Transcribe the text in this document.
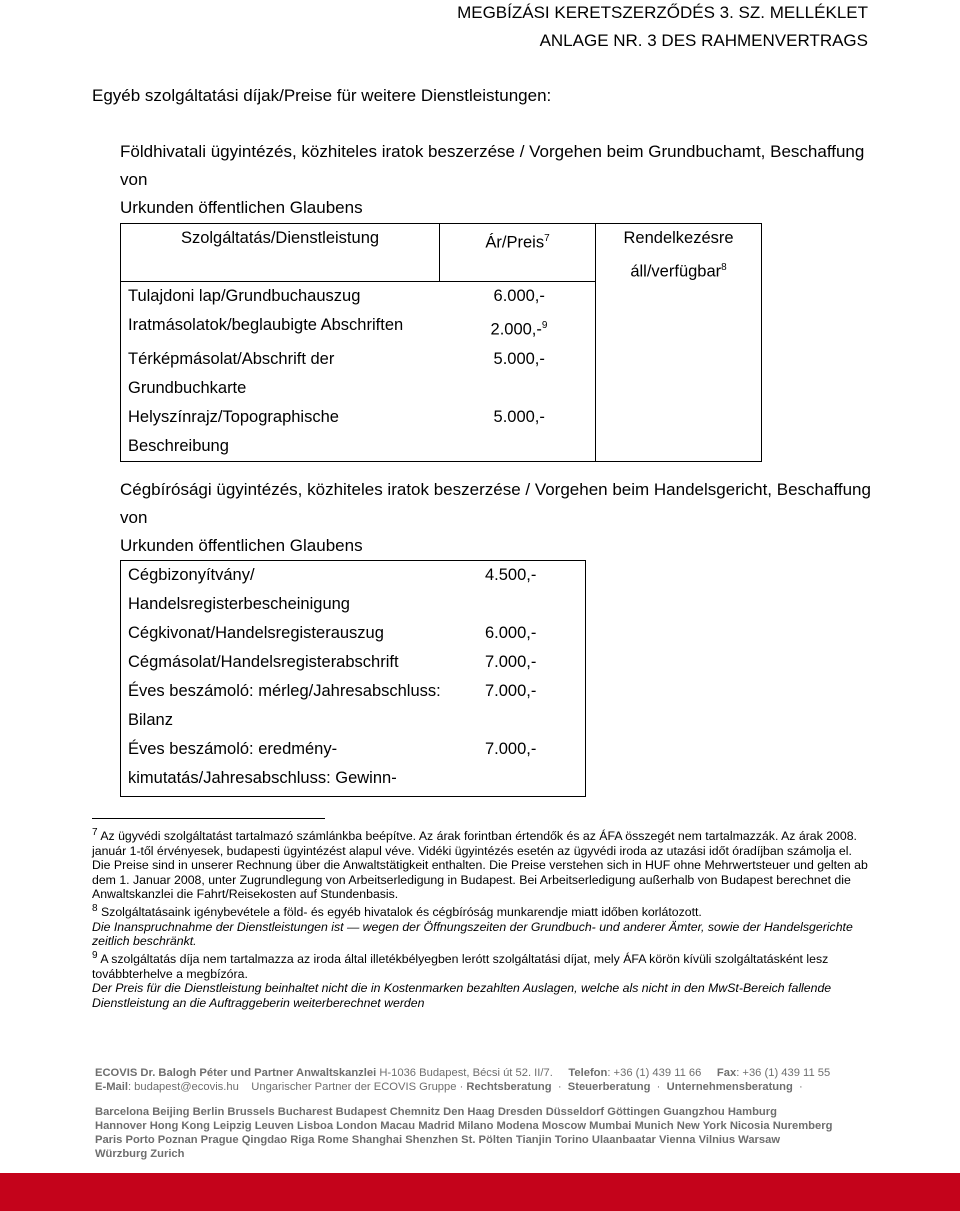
MEGBÍZÁSI KERETSZERZŐDÉS 3. SZ. MELLÉKLET
ANLAGE NR. 3 DES RAHMENVERTRAGS
Egyéb szolgáltatási díjak/Preise für weitere Dienstleistungen:
Földhivatali ügyintézés, közhiteles iratok beszerzése / Vorgehen beim Grundbuchamt, Beschaffung von
Urkunden öffentlichen Glaubens
Szolgáltatás/Dienstleistung	Ár/Preis$^7$	Rendelkezésre
áll/verfügbar$^8$

Tulajdoni lap/Grundbuchauszug	6.000,-	

Iratmásolatok/beglaubigte Abschriften	2.000,-$^9$

Térképmásolat/Abschrift der
Grundbuchkarte	5.000,-	

Helyszínrajz/Topographische
Beschreibung	5.000,-	
Cégbírósági ügyintézés, közhiteles iratok beszerzése / Vorgehen beim Handelsgericht, Beschaffung von
Urkunden öffentlichen Glaubens
Cégbizonyítvány/
Handelsregisterbescheinigung	4.500,-

Cégkivonat/Handelsregisterauszug	6.000,-

Cégmásolat/Handelsregisterabschrift	7.000,-

Éves beszámoló: mérleg/Jahresabschluss:
Bilanz	7.000,-

Éves beszámoló: eredmény-
kimutatás/Jahresabschluss: Gewinn-	7.000,-

$^7$ Az ügyvédi szolgáltatást tartalmazó számlánkba beépítve. Az árak forintban értendők és az ÁFA összegét nem tartalmazzák. Az árak 2008. január 1-től érvényesek, budapesti ügyintézést alapul véve. Vidéki ügyintézés esetén az ügyvédi iroda az utazási időt óradíjban számolja el.

Die Preise sind in unserer Rechnung über die Anwaltstätigkeit enthalten. Die Preise verstehen sich in HUF ohne Mehrwertsteuer und gelten ab dem 1. Januar 2008, unter Zugrundlegung von Arbeitserledigung in Budapest. Bei Arbeitserledigung außerhalb von Budapest berechnet die Anwaltskanzlei die Fahrt/Reisekosten auf Stundenbasis.

$^8$ Szolgáltatásaink igénybevétele a föld- és egyéb hivatalok és cégbíróság munkarendje miatt időben korlátozott.

Die Inanspruchnahme der Dienstleistungen ist — wegen der Öffnungszeiten der Grundbuch- und anderer Ämter, sowie der Handelsgerichte zeitlich beschränkt.

$^9$ A szolgáltatás díja nem tartalmazza az iroda által illetékbélyegben lerótt szolgáltatási díjat, mely ÁFA körön kívüli szolgáltatásként lesz továbbterhelve a megbízóra.

Der Preis für die Dienstleistung beinhaltet nicht die in Kostenmarken bezahlten Auslagen, welche als nicht in den MwSt-Bereich fallende Dienstleistung an die Auftraggeberin weiterberechnet werden

ECOVIS Dr. Balogh Péter und Partner Anwaltskanzlei H-1036 Budapest, Bécsi út 52. II/7. Telefon: +36 (1) 439 11 66 Fax: +36 (1) 439 11 55
E-Mail: budapest@ecovis.hu Ungarischer Partner der ECOVIS Gruppe · Rechtsberatung · Steuerberatung · Unternehmensberatung ·
Barcelona Beijing Berlin Brussels Bucharest Budapest Chemnitz Den Haag Dresden Düsseldorf Göttingen Guangzhou Hamburg
Hannover Hong Kong Leipzig Leuven Lisboa London Macau Madrid Milano Modena Moscow Mumbai Munich New York Nicosia Nuremberg
Paris Porto Poznan Prague Qingdao Riga Rome Shanghai Shenzhen St. Pölten Tianjin Torino Ulaanbaatar Vienna Vilnius Warsaw
Würzburg Zurich
